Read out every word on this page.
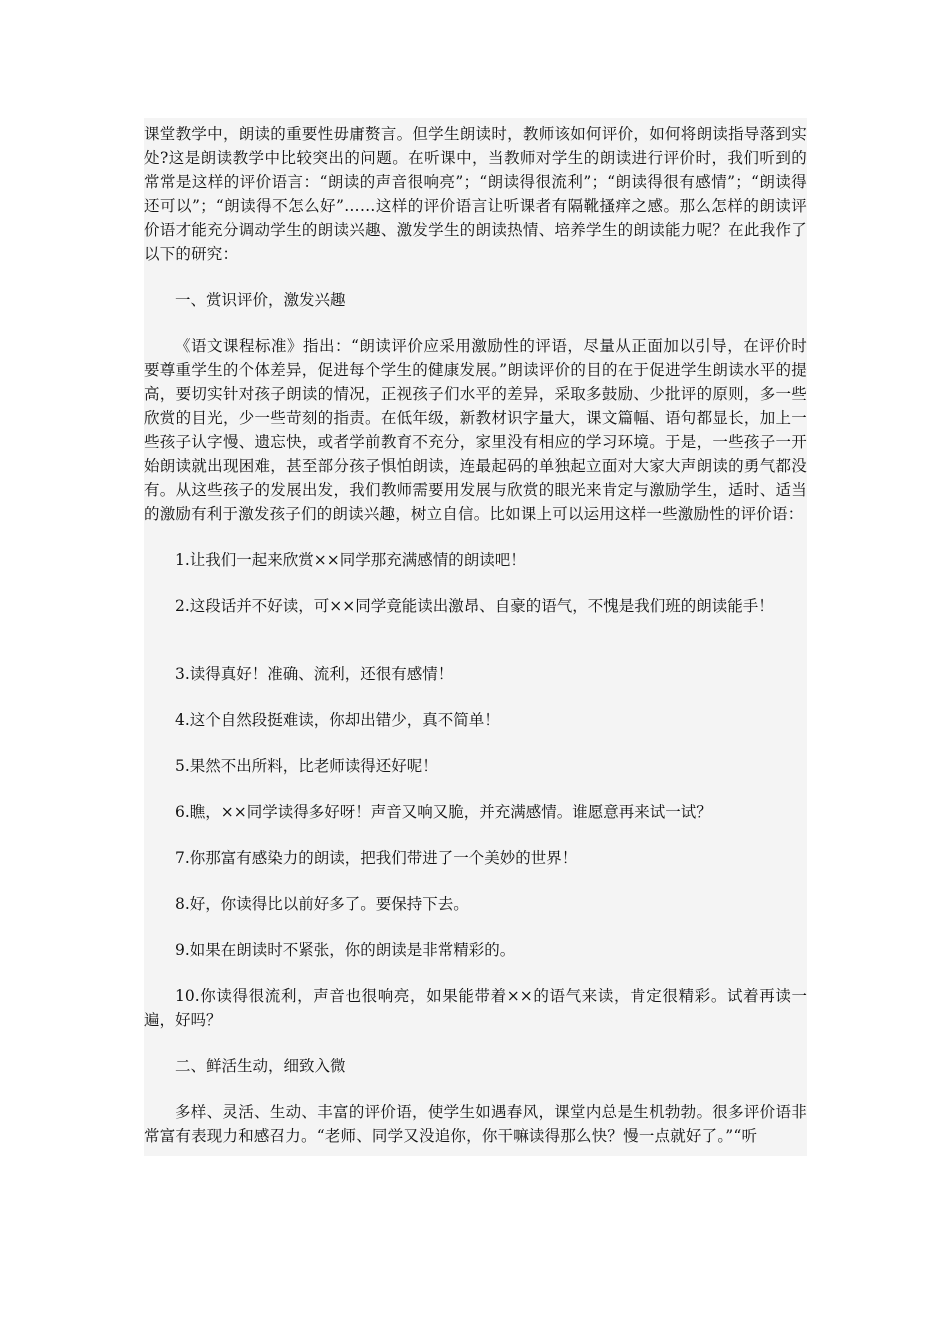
课堂教学中，朗读的重要性毋庸赘言。但学生朗读时，教师该如何评价，如何将朗读指导落到实处?这是朗读教学中比较突出的问题。在听课中，当教师对学生的朗读进行评价时，我们听到的常常是这样的评价语言：“朗读的声音很响亮”；“朗读得很流利”；“朗读得很有感情”；“朗读得还可以”；“朗读得不怎么好”……这样的评价语言让听课者有隔靴搔痒之感。那么怎样的朗读评价语才能充分调动学生的朗读兴趣、激发学生的朗读热情、培养学生的朗读能力呢？在此我作了以下的研究：

一、赏识评价，激发兴趣

《语文课程标准》指出：“朗读评价应采用激励性的评语，尽量从正面加以引导，在评价时要尊重学生的个体差异，促进每个学生的健康发展。”朗读评价的目的在于促进学生朗读水平的提高，要切实针对孩子朗读的情况，正视孩子们水平的差异，采取多鼓励、少批评的原则，多一些欣赏的目光，少一些苛刻的指责。在低年级，新教材识字量大，课文篇幅、语句都显长，加上一些孩子认字慢、遗忘快，或者学前教育不充分，家里没有相应的学习环境。于是，一些孩子一开始朗读就出现困难，甚至部分孩子惧怕朗读，连最起码的单独起立面对大家大声朗读的勇气都没有。从这些孩子的发展出发，我们教师需要用发展与欣赏的眼光来肯定与激励学生，适时、适当的激励有利于激发孩子们的朗读兴趣，树立自信。比如课上可以运用这样一些激励性的评价语：

1.让我们一起来欣赏××同学那充满感情的朗读吧！

2.这段话并不好读，可××同学竟能读出激昂、自豪的语气，不愧是我们班的朗读能手！

3.读得真好！准确、流利，还很有感情！

4.这个自然段挺难读，你却出错少，真不简单！

5.果然不出所料，比老师读得还好呢！

6.瞧，××同学读得多好呀！声音又响又脆，并充满感情。谁愿意再来试一试？

7.你那富有感染力的朗读，把我们带进了一个美妙的世界！

8.好，你读得比以前好多了。要保持下去。

9.如果在朗读时不紧张，你的朗读是非常精彩的。

10.你读得很流利，声音也很响亮，如果能带着××的语气来读，肯定很精彩。试着再读一遍，好吗？

二、鲜活生动，细致入微

多样、灵活、生动、丰富的评价语，使学生如遇春风，课堂内总是生机勃勃。很多评价语非常富有表现力和感召力。“老师、同学又没追你，你干嘛读得那么快？慢一点就好了。”“听
